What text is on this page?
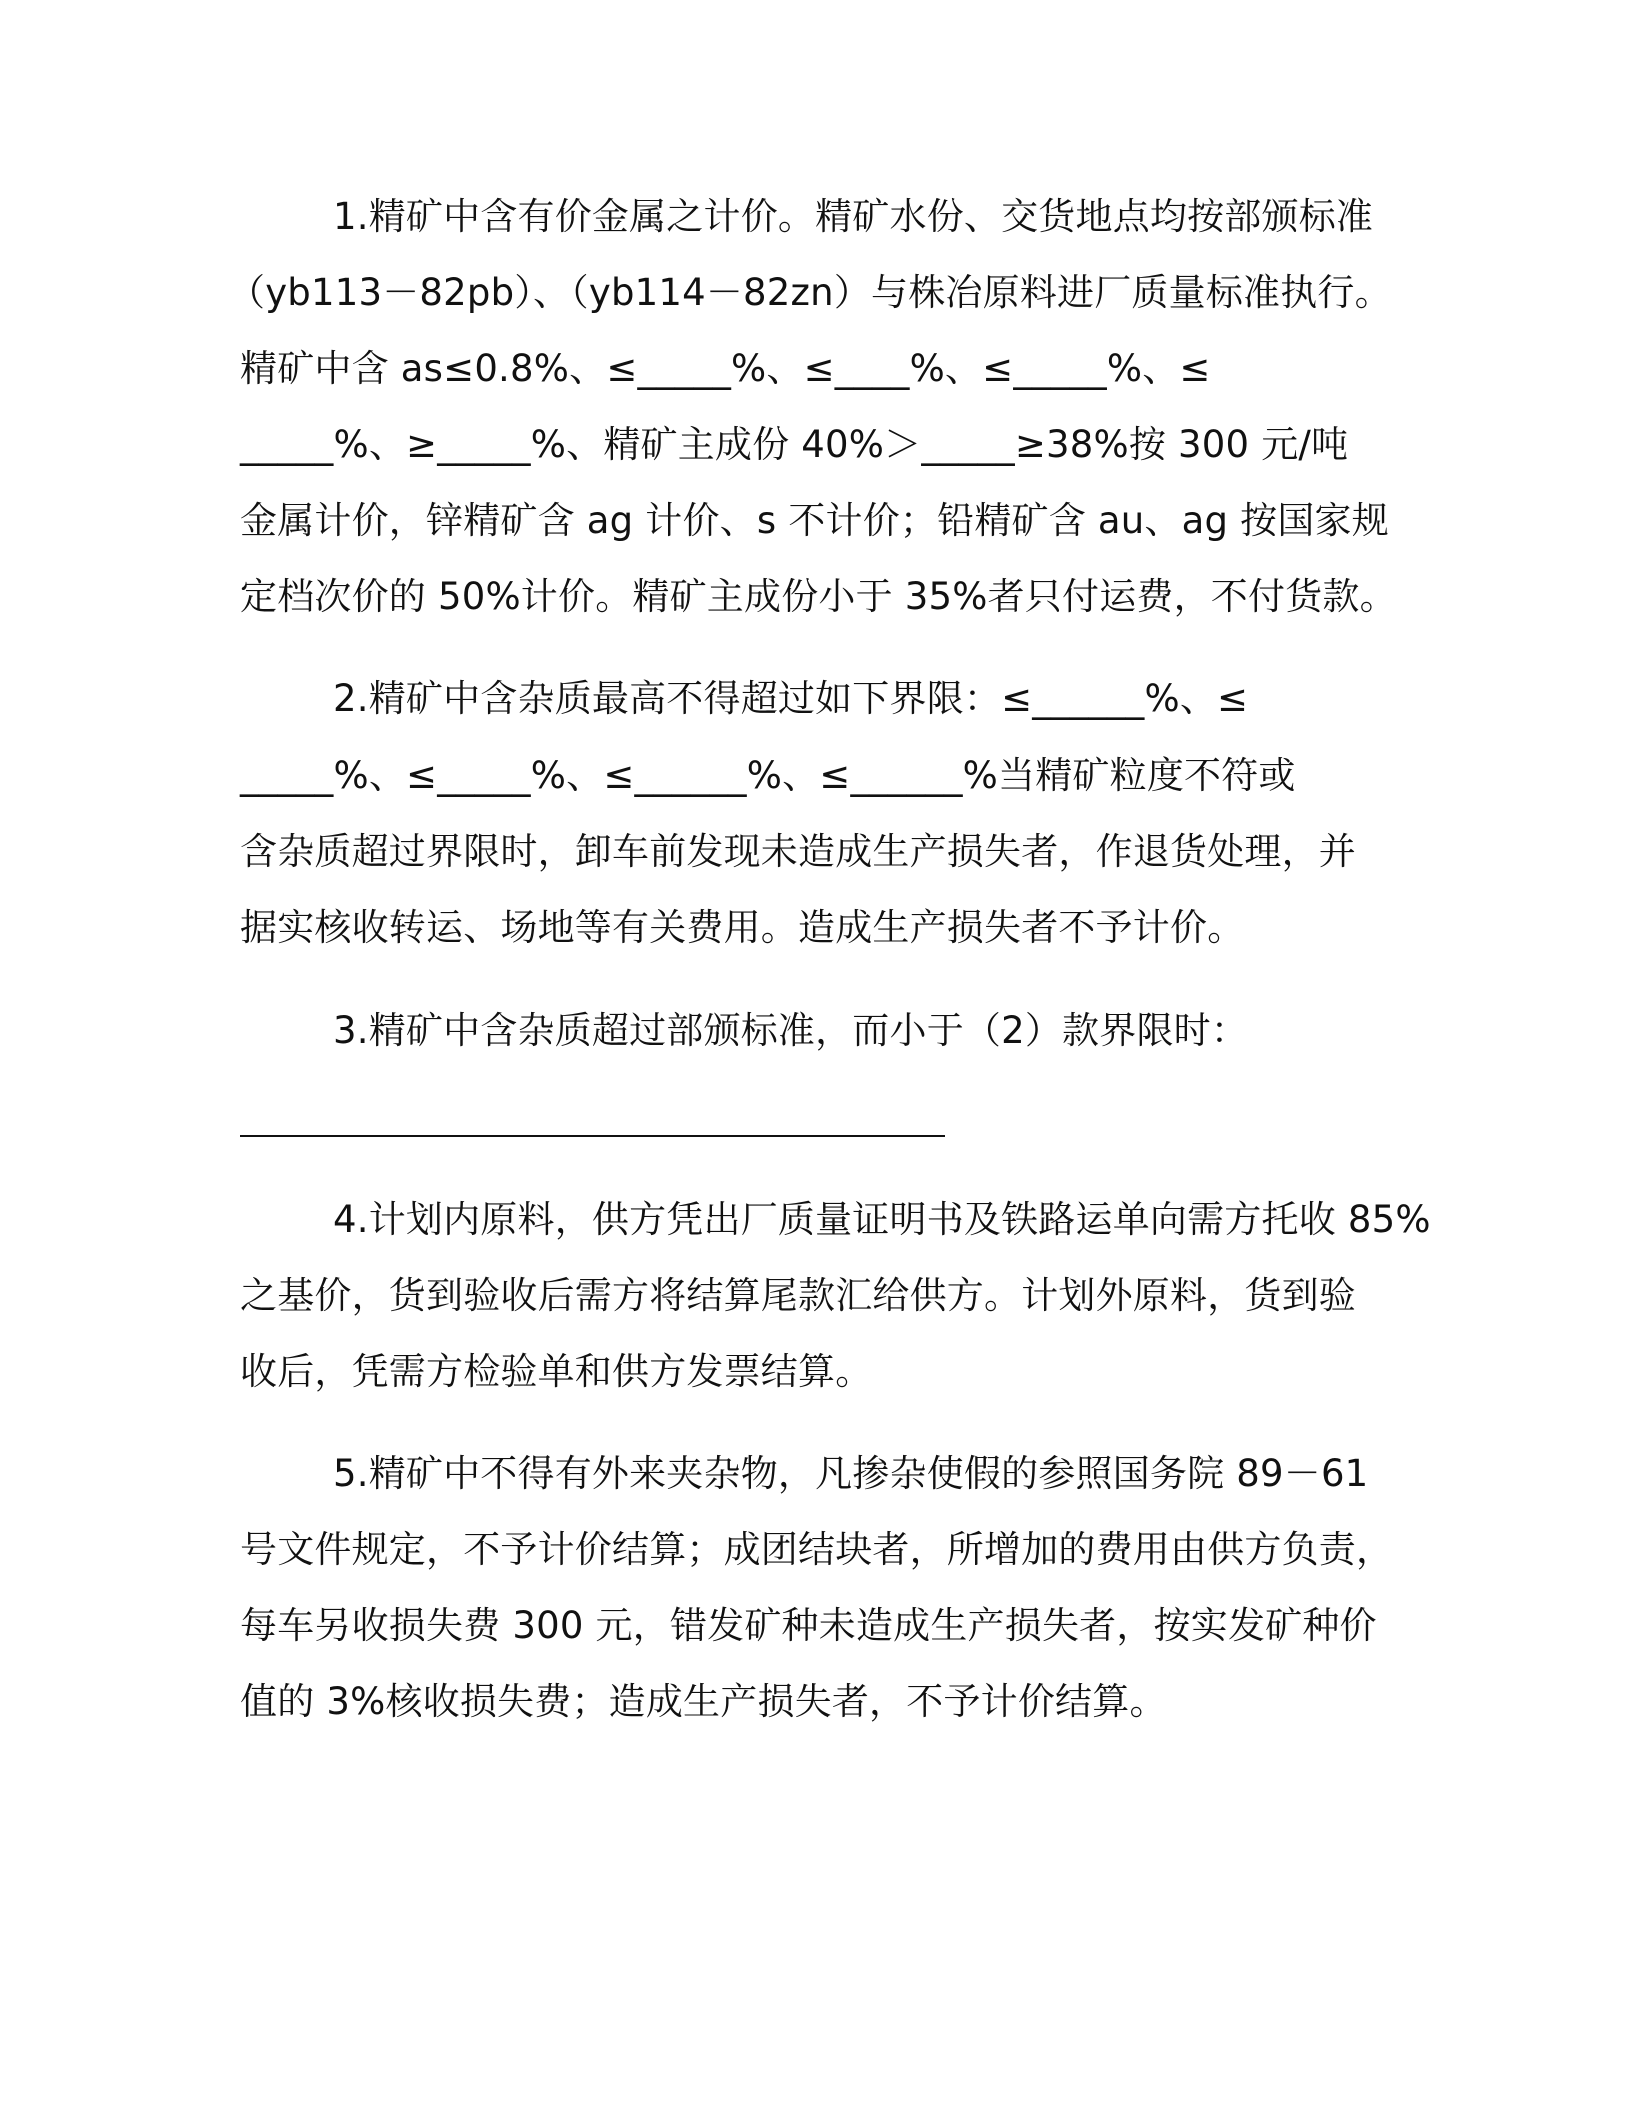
1.精矿中含有价金属之计价。精矿水份、交货地点均按部颁标准
（yb113－82pb）、（yb114－82zn）与株冶原料进厂质量标准执行。
精矿中含 as≤0.8%、≤_____%、≤____%、≤_____%、≤
_____%、≥_____%、精矿主成份 40%＞_____≥38%按 300 元/吨
金属计价，锌精矿含 ag 计价、s 不计价；铅精矿含 au、ag 按国家规
定档次价的 50%计价。精矿主成份小于 35%者只付运费，不付货款。
2.精矿中含杂质最高不得超过如下界限：≤______%、≤
_____%、≤_____%、≤______%、≤______%当精矿粒度不符或
含杂质超过界限时，卸车前发现未造成生产损失者，作退货处理，并
据实核收转运、场地等有关费用。造成生产损失者不予计价。
3.精矿中含杂质超过部颁标准，而小于（2）款界限时：
4.计划内原料，供方凭出厂质量证明书及铁路运单向需方托收 85%
之基价，货到验收后需方将结算尾款汇给供方。计划外原料，货到验
收后，凭需方检验单和供方发票结算。
5.精矿中不得有外来夹杂物，凡掺杂使假的参照国务院 89－61
号文件规定，不予计价结算；成团结块者，所增加的费用由供方负责，
每车另收损失费 300 元，错发矿种未造成生产损失者，按实发矿种价
值的 3%核收损失费；造成生产损失者，不予计价结算。
